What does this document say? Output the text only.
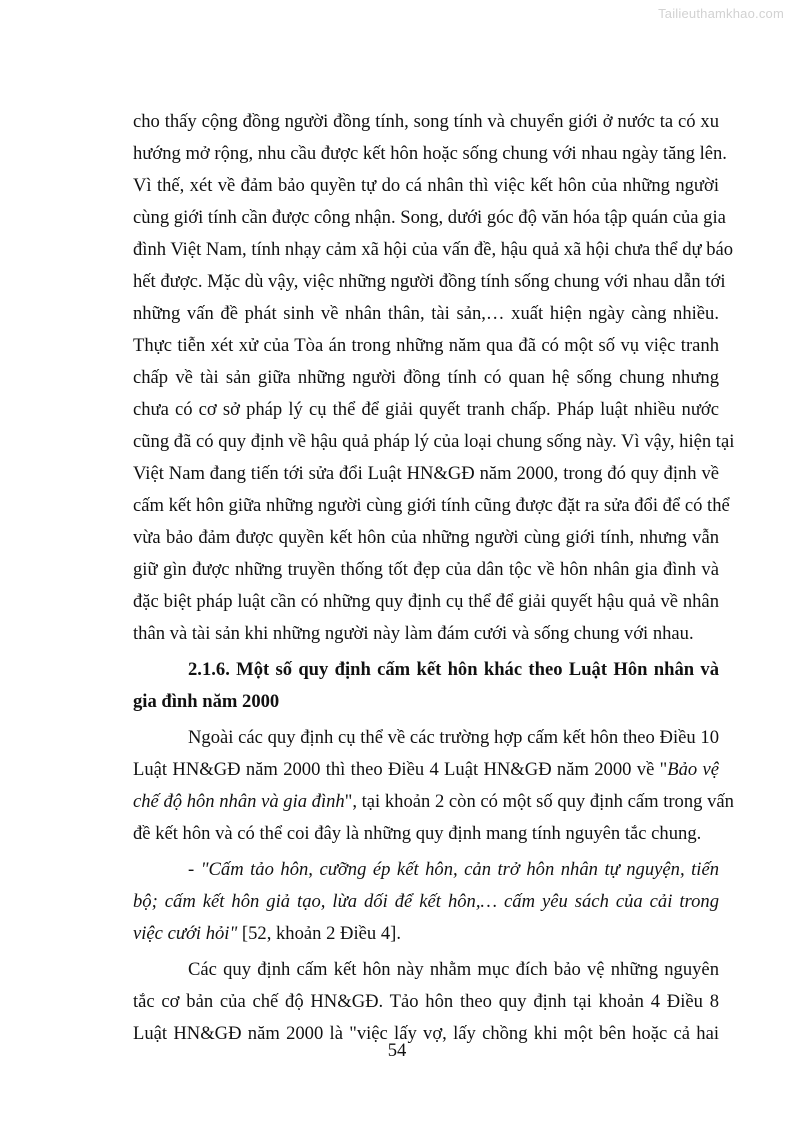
Tailieuthamkhao.com
cho thấy cộng đồng người đồng tính, song tính và chuyển giới ở nước ta có xu
hướng mở rộng, nhu cầu được kết hôn hoặc sống chung với nhau ngày tăng lên.
Vì thế, xét về đảm bảo quyền tự do cá nhân thì việc kết hôn của những người
cùng giới tính cần được công nhận. Song, dưới góc độ văn hóa tập quán của gia
đình Việt Nam, tính nhạy cảm xã hội của vấn đề, hậu quả xã hội chưa thể dự báo
hết được. Mặc dù vậy, việc những người đồng tính sống chung với nhau dẫn tới
những vấn đề phát sinh về nhân thân, tài sản,… xuất hiện ngày càng nhiều.
Thực tiễn xét xử của Tòa án trong những năm qua đã có một số vụ việc tranh
chấp về tài sản giữa những người đồng tính có quan hệ sống chung nhưng
chưa có cơ sở pháp lý cụ thể để giải quyết tranh chấp. Pháp luật nhiều nước
cũng đã có quy định về hậu quả pháp lý của loại chung sống này. Vì vậy, hiện tại
Việt Nam đang tiến tới sửa đổi Luật HN&GĐ năm 2000, trong đó quy định về
cấm kết hôn giữa những người cùng giới tính cũng được đặt ra sửa đổi để có thể
vừa bảo đảm được quyền kết hôn của những người cùng giới tính, nhưng vẫn
giữ gìn được những truyền thống tốt đẹp của dân tộc về hôn nhân gia đình và
đặc biệt pháp luật cần có những quy định cụ thể để giải quyết hậu quả về nhân
thân và tài sản khi những người này làm đám cưới và sống chung với nhau.
2.1.6. Một số quy định cấm kết hôn khác theo Luật Hôn nhân và
gia đình năm 2000
Ngoài các quy định cụ thể về các trường hợp cấm kết hôn theo Điều 10
Luật HN&GĐ năm 2000 thì theo Điều 4 Luật HN&GĐ năm 2000 về "Bảo vệ
chế độ hôn nhân và gia đình", tại khoản 2 còn có một số quy định cấm trong vấn
đề kết hôn và có thể coi đây là những quy định mang tính nguyên tắc chung.
- "Cấm tảo hôn, cưỡng ép kết hôn, cản trở hôn nhân tự nguyện, tiến
bộ; cấm kết hôn giả tạo, lừa dối để kết hôn,… cấm yêu sách của cải trong
việc cưới hỏi" [52, khoản 2 Điều 4].
Các quy định cấm kết hôn này nhằm mục đích bảo vệ những nguyên
tắc cơ bản của chế độ HN&GĐ. Tảo hôn theo quy định tại khoản 4 Điều 8
Luật HN&GĐ năm 2000 là "việc lấy vợ, lấy chồng khi một bên hoặc cả hai
54
